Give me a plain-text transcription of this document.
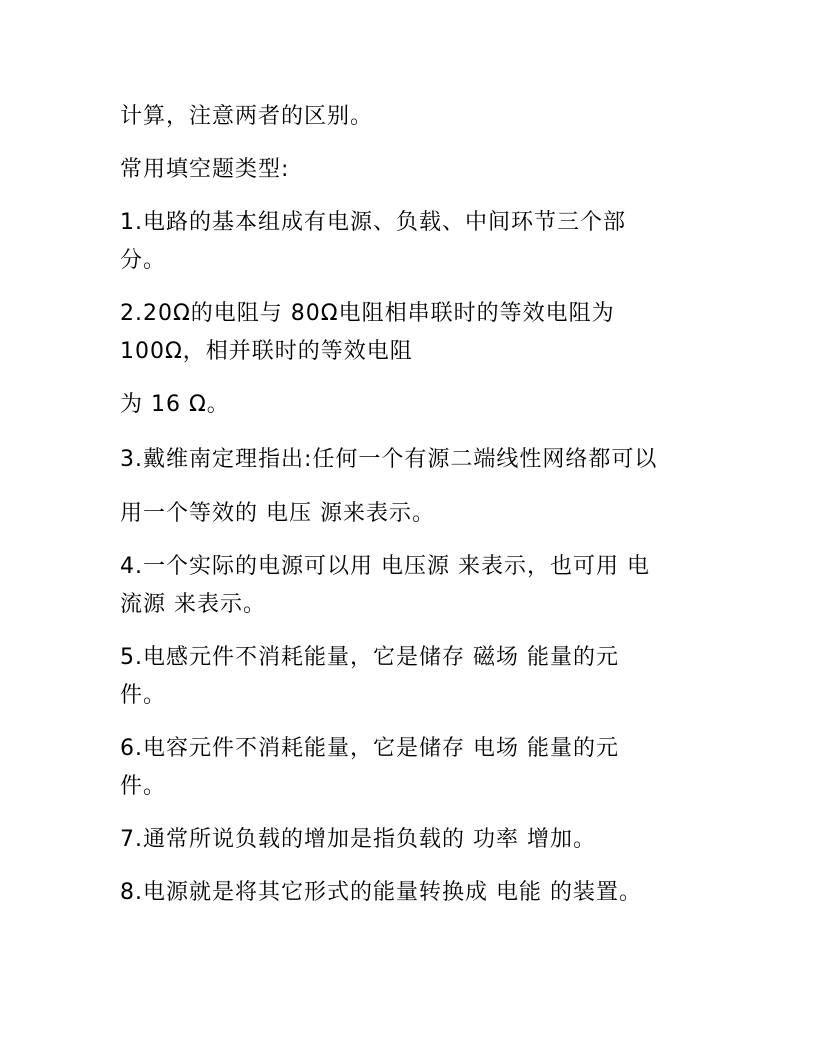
计算，注意两者的区别。
常用填空题类型:
1.电路的基本组成有电源、负载、中间环节三个部
分。
2.20Ω的电阻与 80Ω电阻相串联时的等效电阻为
100Ω，相并联时的等效电阻
为 16 Ω。
3.戴维南定理指出:任何一个有源二端线性网络都可以
用一个等效的 电压 源来表示。
4.一个实际的电源可以用 电压源 来表示，也可用 电
流源 来表示。
5.电感元件不消耗能量，它是储存 磁场 能量的元
件。
6.电容元件不消耗能量，它是储存 电场 能量的元
件。
7.通常所说负载的增加是指负载的 功率 增加。
8.电源就是将其它形式的能量转换成 电能 的装置。
